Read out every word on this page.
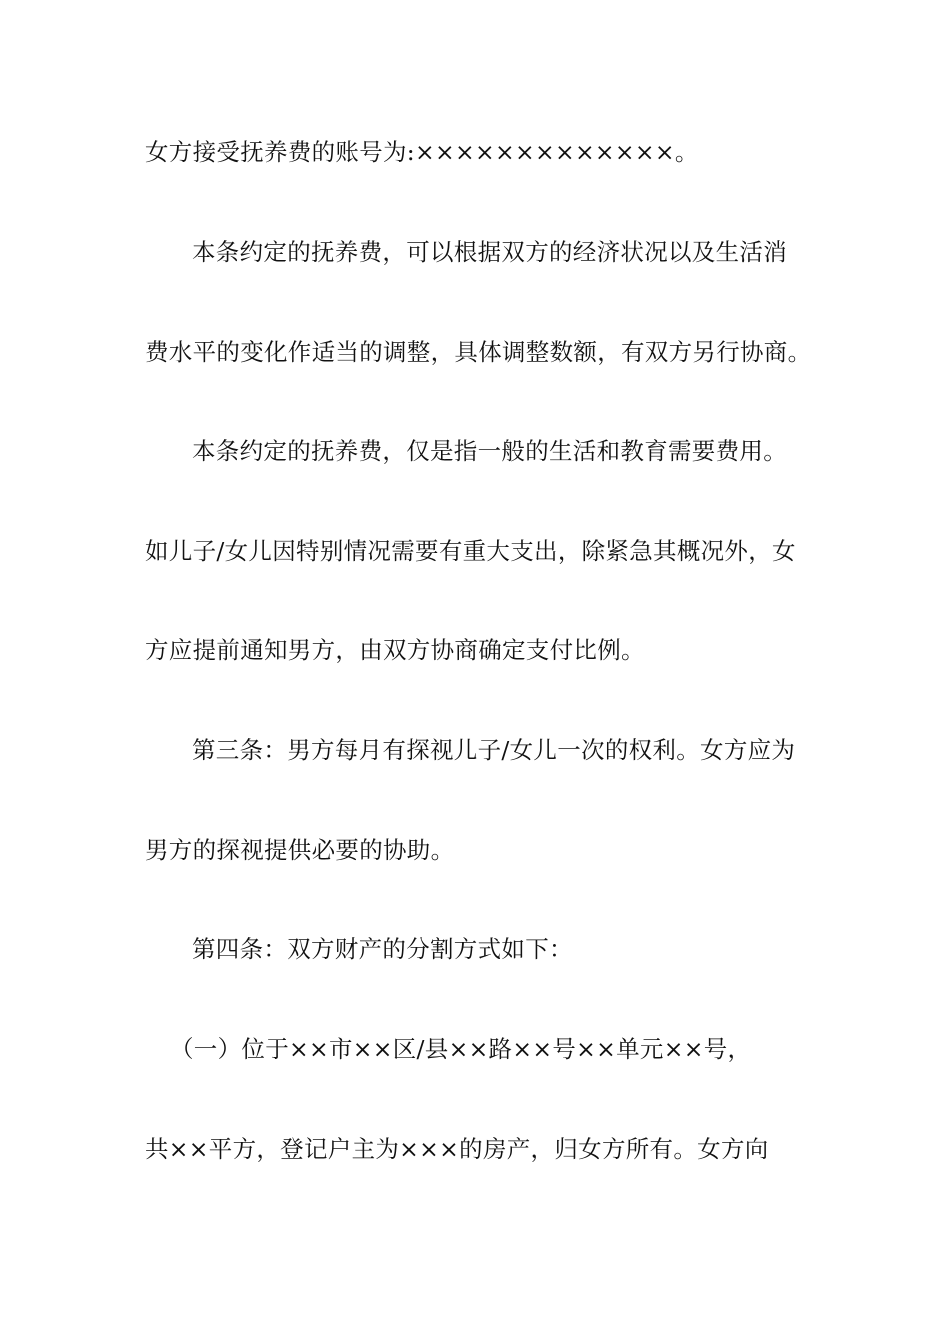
女方接受抚养费的账号为:×××××××××××××。
本条约定的抚养费，可以根据双方的经济状况以及生活消
费水平的变化作适当的调整，具体调整数额，有双方另行协商。
本条约定的抚养费，仅是指一般的生活和教育需要费用。
如儿子/女儿因特别情况需要有重大支出，除紧急其概况外，女
方应提前通知男方，由双方协商确定支付比例。
第三条：男方每月有探视儿子/女儿一次的权利。女方应为
男方的探视提供必要的协助。
第四条：双方财产的分割方式如下：
（一）位于××市××区/县××路××号××单元××号，
共××平方，登记户主为×××的房产，归女方所有。女方向
